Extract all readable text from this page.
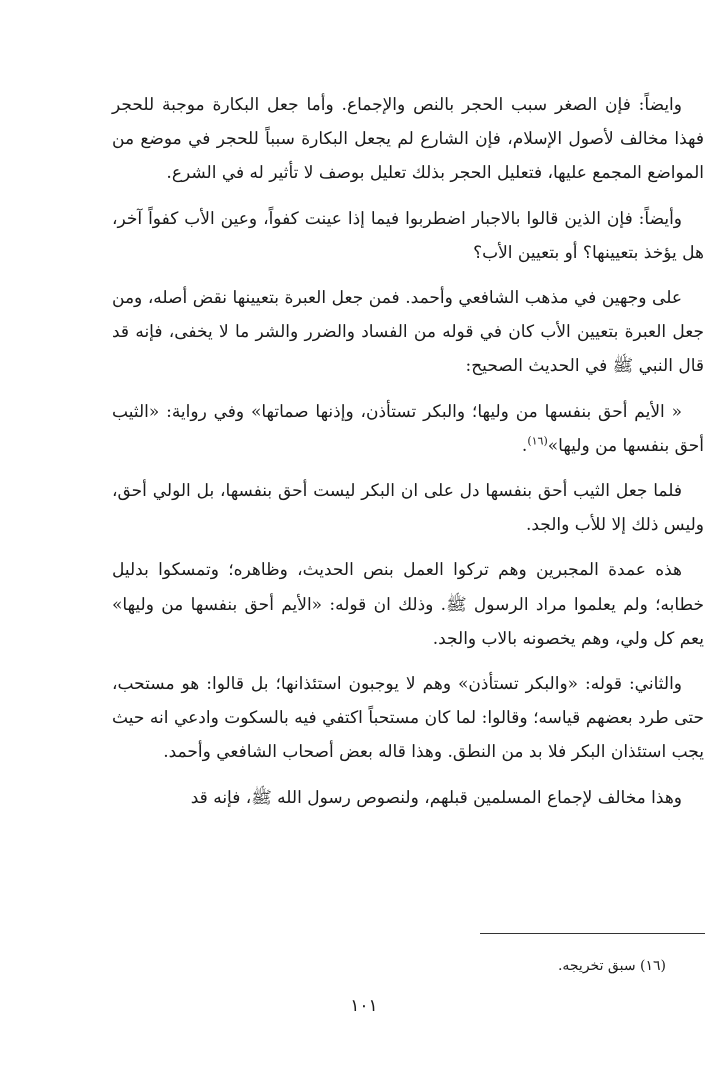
وايضاً: فإن الصغر سبب الحجر بالنص والإجماع. وأما جعل البكارة موجبة للحجر فهذا مخالف لأصول الإسلام، فإن الشارع لم يجعل البكارة سبباً للحجر في موضع من المواضع المجمع عليها، فتعليل الحجر بذلك تعليل بوصف لا تأثير له في الشرع.

وأيضاً: فإن الذين قالوا بالاجبار اضطربوا فيما إذا عينت كفواً، وعين الأب كفواً آخر، هل يؤخذ بتعيينها؟ أو بتعيين الأب؟

على وجهين في مذهب الشافعي وأحمد. فمن جعل العبرة بتعيينها نقض أصله، ومن جعل العبرة بتعيين الأب كان في قوله من الفساد والضرر والشر ما لا يخفى، فإنه قد قال النبي ﷺ في الحديث الصحيح:

« الأيم أحق بنفسها من وليها؛ والبكر تستأذن، وإذنها صماتها» وفي رواية: «الثيب أحق بنفسها من وليها»$^{(١٦)}$.

فلما جعل الثيب أحق بنفسها دل على ان البكر ليست أحق بنفسها، بل الولي أحق، وليس ذلك إلا للأب والجد.

هذه عمدة المجبرين وهم تركوا العمل بنص الحديث، وظاهره؛ وتمسكوا بدليل خطابه؛ ولم يعلموا مراد الرسول ﷺ. وذلك ان قوله: «الأيم أحق بنفسها من وليها» يعم كل ولي، وهم يخصونه بالاب والجد.

والثاني: قوله: «والبكر تستأذن» وهم لا يوجبون استئذانها؛ بل قالوا: هو مستحب، حتى طرد بعضهم قياسه؛ وقالوا: لما كان مستحباً اكتفي فيه بالسكوت وادعي انه حيث يجب استئذان البكر فلا بد من النطق. وهذا قاله بعض أصحاب الشافعي وأحمد.

وهذا مخالف لإجماع المسلمين قبلهم، ولنصوص رسول الله ﷺ، فإنه قد

(١٦) سبق تخريجه.
١٠١
